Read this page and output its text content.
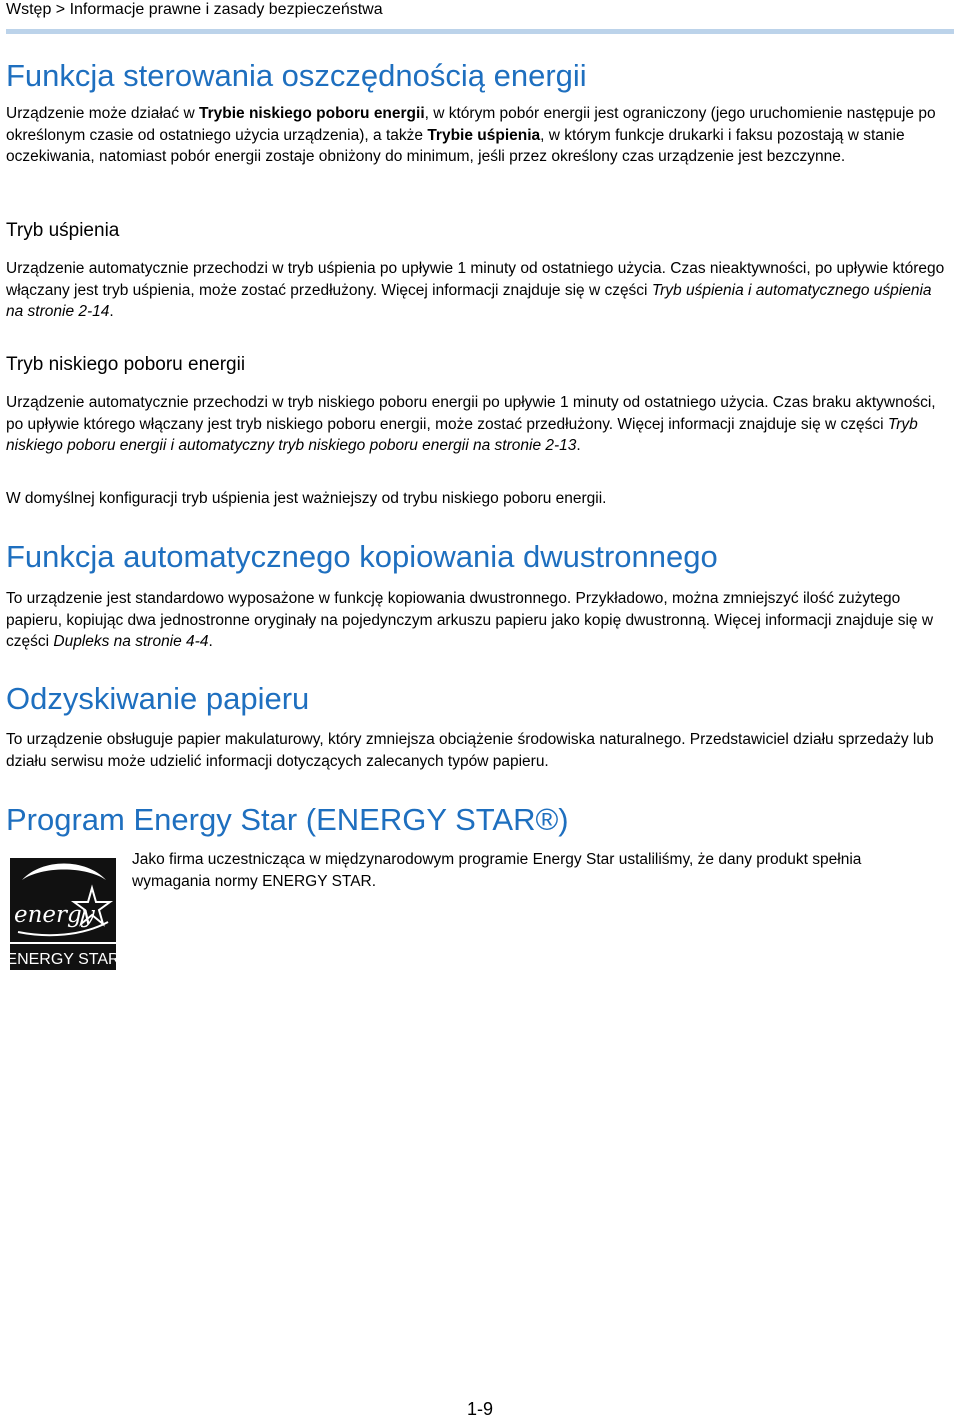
Wstęp > Informacje prawne i zasady bezpieczeństwa
Funkcja sterowania oszczędnością energii

Urządzenie może działać w Trybie niskiego poboru energii, w którym pobór energii jest ograniczony (jego uruchomienie następuje po określonym czasie od ostatniego użycia urządzenia), a także Trybie uśpienia, w którym funkcje drukarki i faksu pozostają w stanie oczekiwania, natomiast pobór energii zostaje obniżony do minimum, jeśli przez określony czas urządzenie jest bezczynne.

Tryb uśpienia

Urządzenie automatycznie przechodzi w tryb uśpienia po upływie 1 minuty od ostatniego użycia. Czas nieaktywności, po upływie którego włączany jest tryb uśpienia, może zostać przedłużony. Więcej informacji znajduje się w części Tryb uśpienia i automatycznego uśpienia na stronie 2-14.

Tryb niskiego poboru energii

Urządzenie automatycznie przechodzi w tryb niskiego poboru energii po upływie 1 minuty od ostatniego użycia. Czas braku aktywności, po upływie którego włączany jest tryb niskiego poboru energii, może zostać przedłużony. Więcej informacji znajduje się w części Tryb niskiego poboru energii i automatyczny tryb niskiego poboru energii na stronie 2-13.

W domyślnej konfiguracji tryb uśpienia jest ważniejszy od trybu niskiego poboru energii.

Funkcja automatycznego kopiowania dwustronnego

To urządzenie jest standardowo wyposażone w funkcję kopiowania dwustronnego. Przykładowo, można zmniejszyć ilość zużytego papieru, kopiując dwa jednostronne oryginały na pojedynczym arkuszu papieru jako kopię dwustronną. Więcej informacji znajduje się w części Dupleks na stronie 4-4.

Odzyskiwanie papieru

To urządzenie obsługuje papier makulaturowy, który zmniejsza obciążenie środowiska naturalnego. Przedstawiciel działu sprzedaży lub działu serwisu może udzielić informacji dotyczących zalecanych typów papieru.

Program Energy Star (ENERGY STAR®)
energy
ENERGY STAR

Jako firma uczestnicząca w międzynarodowym programie Energy Star ustaliliśmy, że dany produkt spełnia wymagania normy ENERGY STAR.

1-9
